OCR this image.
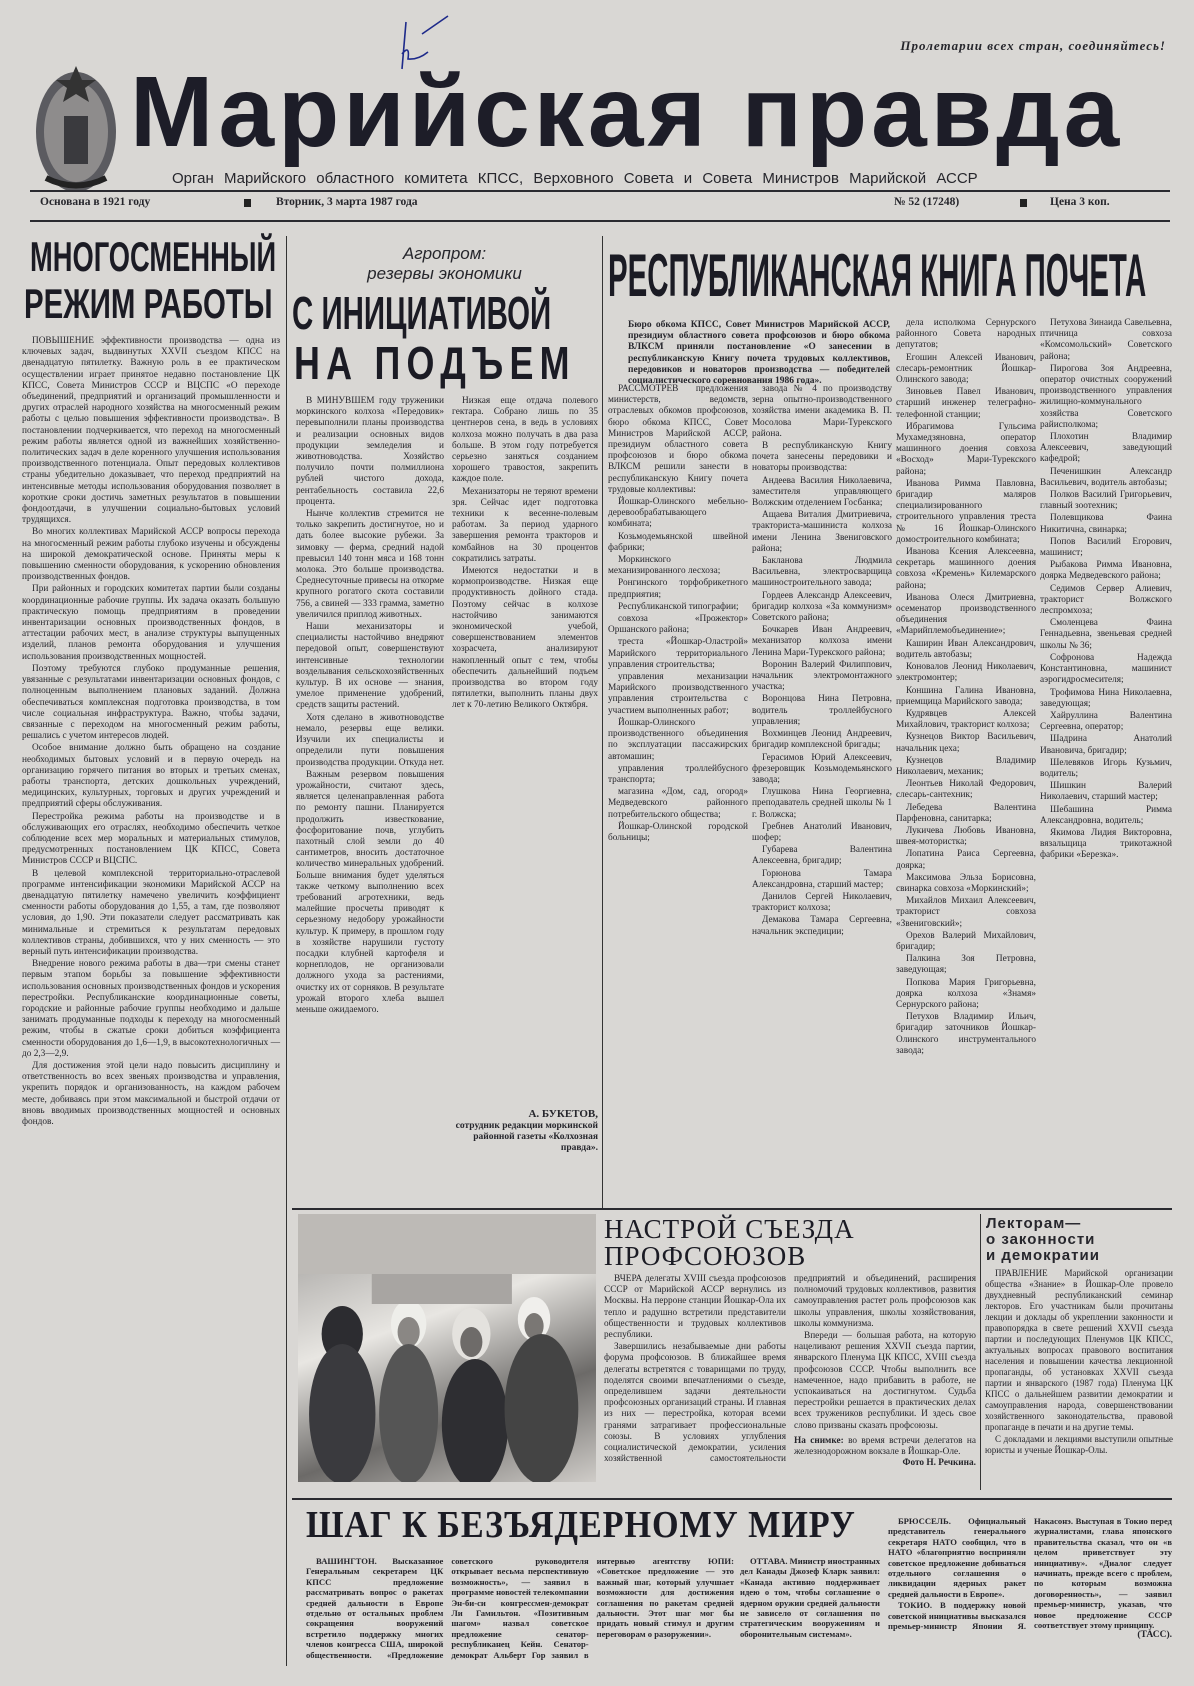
Марийская правда
Пролетарии всех стран, соединяйтесь!
Орган Марийского областного комитета КПСС, Верховного Совета и Совета Министров Марийской АССР
Основана в 1921 году	Вторник, 3 марта 1987 года	№ 52 (17248)	Цена 3 коп.
МНОГОСМЕННЫЙ
РЕЖИМ РАБОТЫ

ПОВЫШЕНИЕ эффективности производства — одна из ключевых задач, выдвинутых XXVII съездом КПСС на двенадцатую пятилетку. Важную роль в ее практическом осуществлении играет принятое недавно постановление ЦК КПСС, Совета Министров СССР и ВЦСПС «О переходе объединений, предприятий и организаций промышленности и других отраслей народного хозяйства на многосменный режим работы с целью повышения эффективности производства». В постановлении подчеркивается, что переход на многосменный режим работы является одной из важнейших хозяйственно-политических задач в деле коренного улучшения использования производственного потенциала. Опыт передовых коллективов страны убедительно доказывает, что переход предприятий на интенсивные методы использования оборудования позволяет в короткие сроки достичь заметных результатов в повышении фондоотдачи, в улучшении социально-бытовых условий трудящихся.

Во многих коллективах Марийской АССР вопросы перехода на многосменный режим работы глубоко изучены и обсуждены на широкой демократической основе. Приняты меры к повышению сменности оборудования, к ускорению обновления производственных фондов.

При районных и городских комитетах партии были созданы координационные рабочие группы. Их задача оказать большую практическую помощь предприятиям в проведении инвентаризации основных производственных фондов, в аттестации рабочих мест, в анализе структуры выпущенных изделий, планов ремонта оборудования и улучшения использования производственных мощностей.

Поэтому требуются глубоко продуманные решения, увязанные с результатами инвентаризации основных фондов, с полноценным выполнением плановых заданий. Должна обеспечиваться комплексная подготовка производства, в том числе социальная инфраструктура. Важно, чтобы задачи, связанные с переходом на многосменный режим работы, решались с учетом интересов людей.

Особое внимание должно быть обращено на создание необходимых бытовых условий и в первую очередь на организацию горячего питания во вторых и третьих сменах, работы транспорта, детских дошкольных учреждений, медицинских, культурных, торговых и других учреждений и предприятий сферы обслуживания.

Перестройка режима работы на производстве и в обслуживающих его отраслях, необходимо обеспечить четкое соблюдение всех мер моральных и материальных стимулов, предусмотренных постановлением ЦК КПСС, Совета Министров СССР и ВЦСПС.

В целевой комплексной территориально-отраслевой программе интенсификации экономики Марийской АССР на двенадцатую пятилетку намечено увеличить коэффициент сменности работы оборудования до 1,55, а там, где позволяют условия, до 1,90. Эти показатели следует рассматривать как минимальные и стремиться к результатам передовых коллективов страны, добившихся, что у них сменность — это верный путь интенсификации производства.

Внедрение нового режима работы в два—три смены станет первым этапом борьбы за повышение эффективности использования основных производственных фондов и ускорения перестройки. Республиканские координационные советы, городские и районные рабочие группы необходимо и дальше занимать продуманные подходы к переходу на многосменный режим, чтобы в сжатые сроки добиться коэффициента сменности оборудования до 1,6—1,9, в высокотехнологичных — до 2,3—2,9.

Для достижения этой цели надо повысить дисциплину и ответственность во всех звеньях производства и управления, укрепить порядок и организованность, на каждом рабочем месте, добиваясь при этом максимальной и быстрой отдачи от вновь вводимых производственных мощностей и основных фондов.

Агропром:
резервы экономики
С ИНИЦИАТИВОЙ
НА ПОДЪЕМ

В МИНУВШЕМ году труженики моркинского колхоза «Передовик» перевыполнили планы производства и реализации основных видов продукции земледелия и животноводства. Хозяйство получило почти полмиллиона рублей чистого дохода, рентабельность составила 22,6 процента.

Нынче коллектив стремится не только закрепить достигнутое, но и дать более высокие рубежи. За зимовку — ферма, средний надой превысил 140 тонн мяса и 168 тонн молока. Это больше производства. Среднесуточные привесы на откорме крупного рогатого скота составили 756, а свиней — 333 грамма, заметно увеличился приплод животных.

Наши механизаторы и специалисты настойчиво внедряют передовой опыт, совершенствуют интенсивные технологии возделывания сельскохозяйственных культур. В их основе — знания, умелое применение удобрений, средств защиты растений.

Хотя сделано в животноводстве немало, резервы еще велики. Изучили их специалисты и определили пути повышения производства продукции. Откуда нет.

Важным резервом повышения урожайности, считают здесь, является целенаправленная работа по ремонту пашни. Планируется продолжить известкование, фосфоритование почв, углубить пахотный слой земли до 40 сантиметров, вносить достаточное количество минеральных удобрений. Больше внимания будет уделяться также четкому выполнению всех требований агротехники, ведь малейшие просчеты приводят к серьезному недобору урожайности культур. К примеру, в прошлом году в хозяйстве нарушили густоту посадки клубней картофеля и корнеплодов, не организовали должного ухода за растениями, очистку их от сорняков. В результате урожай второго хлеба вышел меньше ожидаемого.

Низкая еще отдача полевого гектара. Собрано лишь по 35 центнеров сена, в ведь в условиях колхоза можно получать в два раза больше. В этом году потребуется серьезно заняться созданием хорошего травостоя, закрепить каждое поле.

Механизаторы не теряют времени зря. Сейчас идет подготовка техники к весенне-полевым работам. За период ударного завершения ремонта тракторов и комбайнов на 30 процентов сократились затраты.

Имеются недостатки и в кормопроизводстве. Низкая еще продуктивность дойного стада. Поэтому сейчас в колхозе настойчиво занимаются экономической учебой, совершенствованием элементов хозрасчета, анализируют накопленный опыт с тем, чтобы обеспечить дальнейший подъем производства во втором году пятилетки, выполнить планы двух лет к 70-летию Великого Октября.

А. БУКЕТОВ,
сотрудник редакции моркинской районной газеты «Колхозная правда».
РЕСПУБЛИКАНСКАЯ КНИГА ПОЧЕТА
Бюро обкома КПСС, Совет Министров Марийской АССР, президиум областного совета профсоюзов и бюро обкома ВЛКСМ приняли постановление «О занесении в республиканскую Книгу почета трудовых коллективов, передовиков и новаторов производства — победителей социалистического соревнования 1986 года».

РАССМОТРЕВ предложения министерств, ведомств, отраслевых обкомов профсоюзов, бюро обкома КПСС, Совет Министров Марийской АССР, президиум областного совета профсоюзов и бюро обкома ВЛКСМ решили занести в республиканскую Книгу почета трудовые коллективы:

Йошкар-Олинского мебельно-деревообрабатывающего комбината;

Козьмодемьянской швейной фабрики;

Моркинского механизированного лесхоза;

Ронгинского торфобрикетного предприятия;

Республиканской типографии;

совхоза «Прожектор» Оршанского района;

треста «Йошкар-Оластрой» Марийского территориального управления строительства;

управления механизации Марийского производственного управления строительства с участием выполненных работ;

Йошкар-Олинского производственного объединения по эксплуатации пассажирских автомашин;

управления троллейбусного транспорта;

магазина «Дом, сад, огород» Медведевского районного потребительского общества;

Йошкар-Олинской городской больницы;

завода № 4 по производству зерна опытно-производственного хозяйства имени академика В. П. Мосолова Мари-Турекского района.

В республиканскую Книгу почета занесены передовики и новаторы производства:

Андеева Василия Николаевича, заместителя управляющего Волжским отделением Госбанка;

Ащаева Виталия Дмитриевича, тракториста-машиниста колхоза имени Ленина Звениговского района;

Бакланова Людмила Васильевна, электросварщица машиностроительного завода;

Гордеев Александр Алексеевич, бригадир колхоза «За коммунизм» Советского района;

Бочкарев Иван Андреевич, механизатор колхоза имени Ленина Мари-Турекского района;

Воронин Валерий Филиппович, начальник электромонтажного участка;

Воронцова Нина Петровна, водитель троллейбусного управления;

Вохминцев Леонид Андреевич, бригадир комплексной бригады;

Герасимов Юрий Алексеевич, фрезеровщик Козьмодемьянского завода;

Глушкова Нина Георгиевна, преподаватель средней школы № 1 г. Волжска;

Гребнев Анатолий Иванович, шофер;

Губарева Валентина Алексеевна, бригадир;

Горюнова Тамара Александровна, старший мастер;

Данилов Сергей Николаевич, тракторист колхоза;

Демакова Тамара Сергеевна, начальник экспедиции;

дела исполкома Сернурского районного Совета народных депутатов;

Егошин Алексей Иванович, слесарь-ремонтник Йошкар-Олинского завода;

Зиновьев Павел Иванович, старший инженер телеграфно-телефонной станции;

Ибрагимова Гульсима Мухамедзяновна, оператор машинного доения совхоза «Восход» Мари-Турекского района;

Иванова Римма Павловна, бригадир маляров специализированного строительного управления треста № 16 Йошкар-Олинского домостроительного комбината;

Иванова Ксения Алексеевна, секретарь машинного доения совхоза «Кремень» Килемарского района;

Иванова Олеся Дмитриевна, осеменатор производственного объединения «Марийплемобъединение»;

Каширин Иван Александрович, водитель автобазы;

Коновалов Леонид Николаевич, электромонтер;

Коншина Галина Ивановна, приемщица Марийского завода;

Кудрявцев Алексей Михайлович, тракторист колхоза;

Кузнецов Виктор Васильевич, начальник цеха;

Кузнецов Владимир Николаевич, механик;

Леонтьев Николай Федорович, слесарь-сантехник;

Лебедева Валентина Парфеновна, санитарка;

Лукичева Любовь Ивановна, швея-мотористка;

Лопатина Раиса Сергеевна, доярка;

Максимова Эльза Борисовна, свинарка совхоза «Моркинский»;

Михайлов Михаил Алексеевич, тракторист совхоза «Звениговский»;

Орехов Валерий Михайлович, бригадир;

Палкина Зоя Петровна, заведующая;

Попкова Мария Григорьевна, доярка колхоза «Знамя» Сернурского района;

Петухов Владимир Ильич, бригадир заточников Йошкар-Олинского инструментального завода;

Петухова Зинаида Савельевна, птичница совхоза «Комсомольский» Советского района;

Пирогова Зоя Андреевна, оператор очистных сооружений производственного управления жилищно-коммунального хозяйства Советского райисполкома;

Плохотин Владимир Алексеевич, заведующий кафедрой;

Печенишкин Александр Васильевич, водитель автобазы;

Полков Василий Григорьевич, главный зоотехник;

Полевщикова Фаина Никитична, свинарка;

Попов Василий Егорович, машинист;

Рыбакова Римма Ивановна, доярка Медведевского района;

Седимов Сервер Алиевич, тракторист Волжского леспромхоза;

Смоленцева Фаина Геннадьевна, звеньевая средней школы № 36;

Софронова Надежда Константиновна, машинист аэрогидросмесителя;

Трофимова Нина Николаевна, заведующая;

Хайруллина Валентина Сергеевна, оператор;

Шадрина Анатолий Ивановича, бригадир;

Шелевяков Игорь Кузьмич, водитель;

Шишкин Валерий Николаевич, старший мастер;

Шебашина Римма Александровна, водитель;

Якимова Лидия Викторовна, вязальщица трикотажной фабрики «Березка».

НАСТРОЙ СЪЕЗДА
ПРОФСОЮЗОВ

ВЧЕРА делегаты XVIII съезда профсоюзов СССР от Марийской АССР вернулись из Москвы. На перроне станции Йошкар-Ола их тепло и радушно встретили представители общественности и трудовых коллективов республики.

Завершились незабываемые дни работы форума профсоюзов. В ближайшее время делегаты встретятся с товарищами по труду, поделятся своими впечатлениями о съезде, определившем задачи деятельности профсоюзных организаций страны. И главная из них — перестройка, которая всеми гранями затрагивает профессиональные союзы. В условиях углубления социалистической демократии, усиления хозяйственной самостоятельности предприятий и объединений, расширения полномочий трудовых коллективов, развития самоуправления растет роль профсоюзов как школы управления, школы хозяйствования, школы коммунизма.

Впереди — большая работа, на которую нацеливают решения XXVII съезда партии, январского Пленума ЦК КПСС, XVIII съезда профсоюзов СССР. Чтобы выполнить все намеченное, надо прибавить в работе, не успокаиваться на достигнутом. Судьба перестройки решается в практических делах всех тружеников республики. И здесь свое слово призваны сказать профсоюзы.

На снимке: во время встречи делегатов на железнодорожном вокзале в Йошкар-Оле.
Фото Н. Речкина.
Лекторам—
о законности
и демократии

ПРАВЛЕНИЕ Марийской организации общества «Знание» в Йошкар-Оле провело двухдневный республиканский семинар лекторов. Его участникам были прочитаны лекции и доклады об укреплении законности и правопорядка в свете решений XXVII съезда партии и последующих Пленумов ЦК КПСС, актуальных вопросах правового воспитания населения и повышении качества лекционной пропаганды, об установках XXVII съезда партии и январского (1987 года) Пленума ЦК КПСС о дальнейшем развитии демократии и самоуправления народа, совершенствовании хозяйственного законодательства, правовой пропаганде в печати и на другие темы.

С докладами и лекциями выступили опытные юристы и ученые Йошкар-Олы.

ШАГ К БЕЗЪЯДЕРНОМУ МИРУ

ВАШИНГТОН. Высказанное Генеральным секретарем ЦК КПСС предложение рассматривать вопрос о ракетах средней дальности в Европе отдельно от остальных проблем сокращения вооружений встретило поддержку многих членов конгресса США, широкой общественности. «Предложение советского руководителя открывает весьма перспективную возможность», — заявил в программе новостей телекомпании Эн-би-си конгрессмен-демократ Ли Гамильтон. «Позитивным шагом» назвал советское предложение сенатор-республиканец Кейн. Сенатор-демократ Альберт Гор заявил в интервью агентству ЮПИ: «Советское предложение — это важный шаг, который улучшает возможности для достижения соглашения по ракетам средней дальности. Этот шаг мог бы придать новый стимул и другим переговорам о разоружении».

ОТТАВА. Министр иностранных дел Канады Джозеф Кларк заявил: «Канада активно поддерживает идею о том, чтобы соглашение о ядерном оружии средней дальности не зависело от соглашения по стратегическим вооружениям и оборонительным системам».

БРЮССЕЛЬ. Официальный представитель генерального секретаря НАТО сообщил, что в НАТО «благоприятно восприняли советское предложение добиваться отдельного соглашения о ликвидации ядерных ракет средней дальности в Европе».

ТОКИО. В поддержку новой советской инициативы высказался премьер-министр Японии Я. Накасонэ. Выступая в Токио перед журналистами, глава японского правительства сказал, что он «в целом приветствует эту инициативу». «Диалог следует начинать, прежде всего с проблем, по которым возможна договоренность», — заявил премьер-министр, указав, что новое предложение СССР соответствует этому принципу.

(ТАСС).
